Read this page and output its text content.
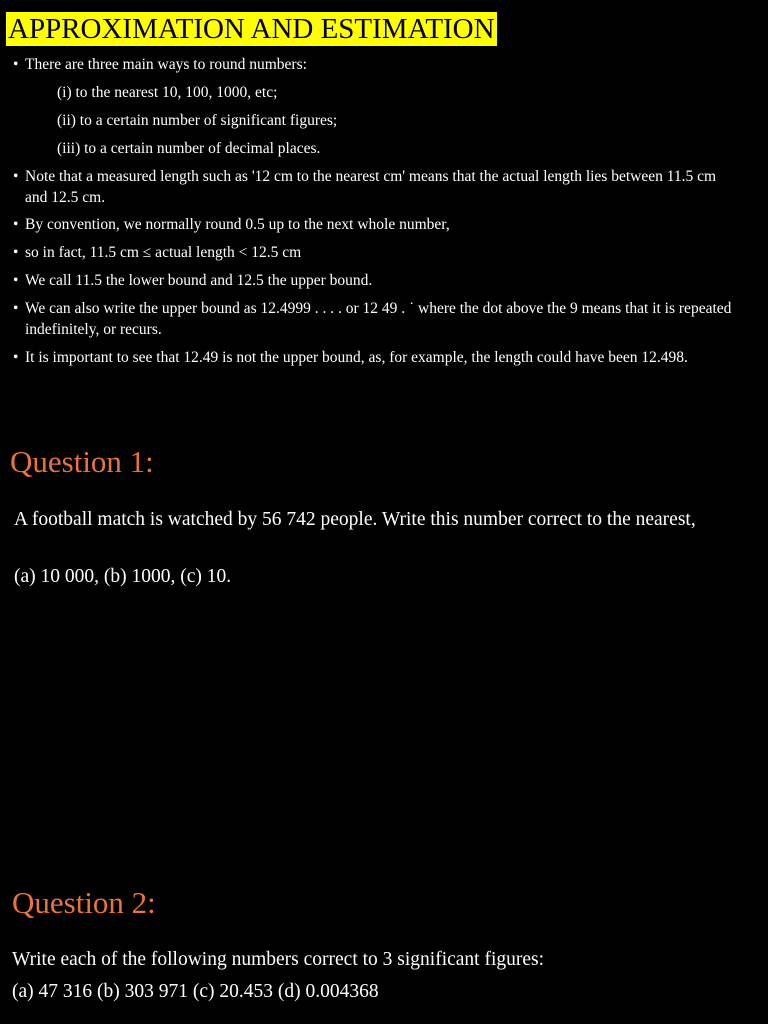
APPROXIMATION AND ESTIMATION
• There are three main ways to round numbers:
(i) to the nearest 10, 100, 1000, etc;
(ii) to a certain number of significant figures;
(iii) to a certain number of decimal places.
• Note that a measured length such as '12 cm to the nearest cm' means that the actual length lies between 11.5 cm and 12.5 cm.
• By convention, we normally round 0.5 up to the next whole number,
• so in fact, 11.5 cm ≤ actual length < 12.5 cm
• We call 11.5 the lower bound and 12.5 the upper bound.
• We can also write the upper bound as 12.4999 . . . . or 12 49 . ˙ where the dot above the 9 means that it is repeated indefinitely, or recurs.
• It is important to see that 12.49 is not the upper bound, as, for example, the length could have been 12.498.
Question 1:
A football match is watched by 56 742 people. Write this number correct to the nearest,
(a) 10 000, (b) 1000, (c) 10.
Question 2:
Write each of the following numbers correct to 3 significant figures:
(a) 47 316 (b) 303 971 (c) 20.453 (d) 0.004368
